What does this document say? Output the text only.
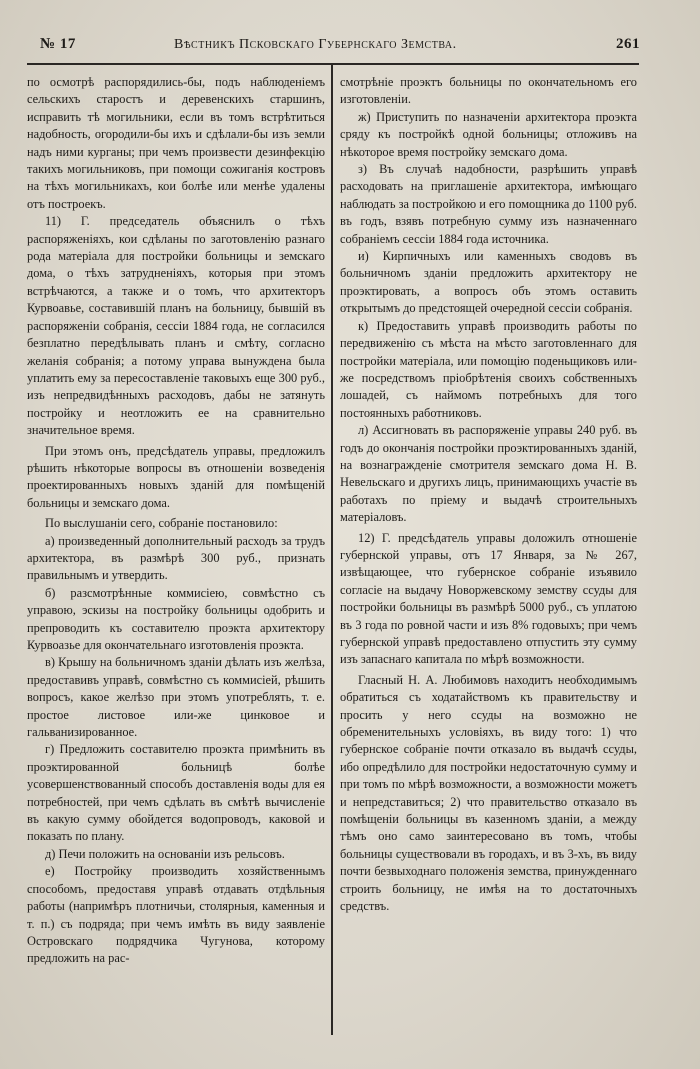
№ 17	Вѣстникъ Псковскаго Губернскаго Земства.	261

по осмотрѣ распорядились-бы, подъ наблюденіемъ сельскихъ старостъ и деревенскихъ старшинъ, исправить тѣ могильники, если въ томъ встрѣтиться надобность, огородили-бы ихъ и сдѣлали-бы изъ земли надъ ними курганы; при чемъ произвести дезинфекцію такихъ могильниковъ, при помощи сожиганія костровъ на тѣхъ могильникахъ, кои болѣе или менѣе удалены отъ построекъ.

11) Г. председатель объяснилъ о тѣхъ распоряженіяхъ, кои сдѣланы по заготовленію разнаго рода матеріала для постройки больницы и земскаго дома, о тѣхъ затрудненіяхъ, которыя при этомъ встрѣчаются, а также и о томъ, что архитекторъ Курвоавье, составившій планъ на больницу, бывшій въ распоряженіи собранія, сессіи 1884 года, не согласился безплатно передѣлывать планъ и смѣту, согласно желанія собранія; а потому управа вынуждена была уплатить ему за пересоставленіе таковыхъ еще 300 руб., изъ непредвидѣнныхъ расходовъ, дабы не затянуть постройку и неотложить ее на сравнительно значительное время.

При этомъ онъ, предсѣдатель управы, предложилъ рѣшить нѣкоторые вопросы въ отношеніи возведенія проектированныхъ новыхъ зданій для помѣщеній больницы и земскаго дома.

По выслушаніи сего, собраніе постановило:

а) произведенный дополнительный расходъ за трудъ архитектора, въ размѣрѣ 300 руб., признать правильнымъ и утвердить.

б) разсмотрѣнные коммисіею, совмѣстно съ управою, эскизы на постройку больницы одобрить и препроводить къ составителю проэкта архитектору Курвоазье для окончательнаго изготовленія проэкта.

в) Крышу на больничномъ зданіи дѣлать изъ желѣза, предоставивъ управѣ, совмѣстно съ коммисіей, рѣшить вопросъ, какое желѣзо при этомъ употреблять, т. е. простое листовое или-же цинковое и гальванизированное.

г) Предложить составителю проэкта примѣнить въ проэктированной больницѣ болѣе усовершенствованный способъ доставленія воды для ея потребностей, при чемъ сдѣлать въ смѣтѣ вычисленіе въ какую сумму обойдется водопроводъ, каковой и показать по плану.

д) Печи положить на основаніи изъ рельсовъ.

е) Постройку производить хозяйственнымъ способомъ, предоставя управѣ отдавать отдѣльныя работы (напримѣръ плотничьи, столярныя, каменныя и т. п.) съ подряда; при чемъ имѣть въ виду заявленіе Островскаго подрядчика Чугунова, которому предложить на рас-

смотрѣніе проэктъ больницы по окончательномъ его изготовленіи.

ж) Приступить по назначеніи архитектора проэкта сряду къ постройкѣ одной больницы; отложивъ на нѣкоторое время постройку земскаго дома.

з) Въ случаѣ надобности, разрѣшить управѣ расходовать на приглашеніе архитектора, имѣющаго наблюдать за постройкою и его помощника до 1100 руб. въ годъ, взявъ потребную сумму изъ назначеннаго собраніемъ сессіи 1884 года источника.

и) Кирпичныхъ или каменныхъ сводовъ въ больничномъ зданіи предложить архитектору не проэктировать, а вопросъ объ этомъ оставить открытымъ до предстоящей очередной сессіи собранія.

к) Предоставить управѣ производить работы по передвиженію съ мѣста на мѣсто заготовленнаго для постройки матеріала, или помощію поденьщиковъ или-же посредствомъ пріобрѣтенія своихъ собственныхъ лошадей, съ наймомъ потребныхъ для того постоянныхъ работниковъ.

л) Ассигновать въ распоряженіе управы 240 руб. въ годъ до окончанія постройки проэктированныхъ зданій, на вознагражденіе смотрителя земскаго дома Н. В. Невельскаго и другихъ лицъ, принимающихъ участіе въ работахъ по пріему и выдачѣ строительныхъ матеріаловъ.

12) Г. предсѣдатель управы доложилъ отношеніе губернской управы, отъ 17 Января, за № 267, извѣщающее, что губернское собраніе изъявило согласіе на выдачу Новоржевскому земству ссуды для постройки больницы въ размѣрѣ 5000 руб., съ уплатою въ 3 года по ровной части и изъ 8% годовыхъ; при чемъ губернской управѣ предоставлено отпустить эту сумму изъ запаснаго капитала по мѣрѣ возможности.

Гласный Н. А. Любимовъ находитъ необходимымъ обратиться съ ходатайствомъ къ правительству и просить у него ссуды на возможно не обременительныхъ условіяхъ, въ виду того: 1) что губернское собраніе почти отказало въ выдачѣ ссуды, ибо опредѣлило для постройки недостаточную сумму и при томъ по мѣрѣ возможности, а возможности можетъ и непредставиться; 2) что правительство отказало въ помѣщеніи больницы въ казенномъ зданіи, а между тѣмъ оно само заинтересовано въ томъ, чтобы больницы существовали въ городахъ, и въ 3-хъ, въ виду почти безвыходнаго положенія земства, принужденнаго строить больницу, не имѣя на то достаточныхъ средствъ.
